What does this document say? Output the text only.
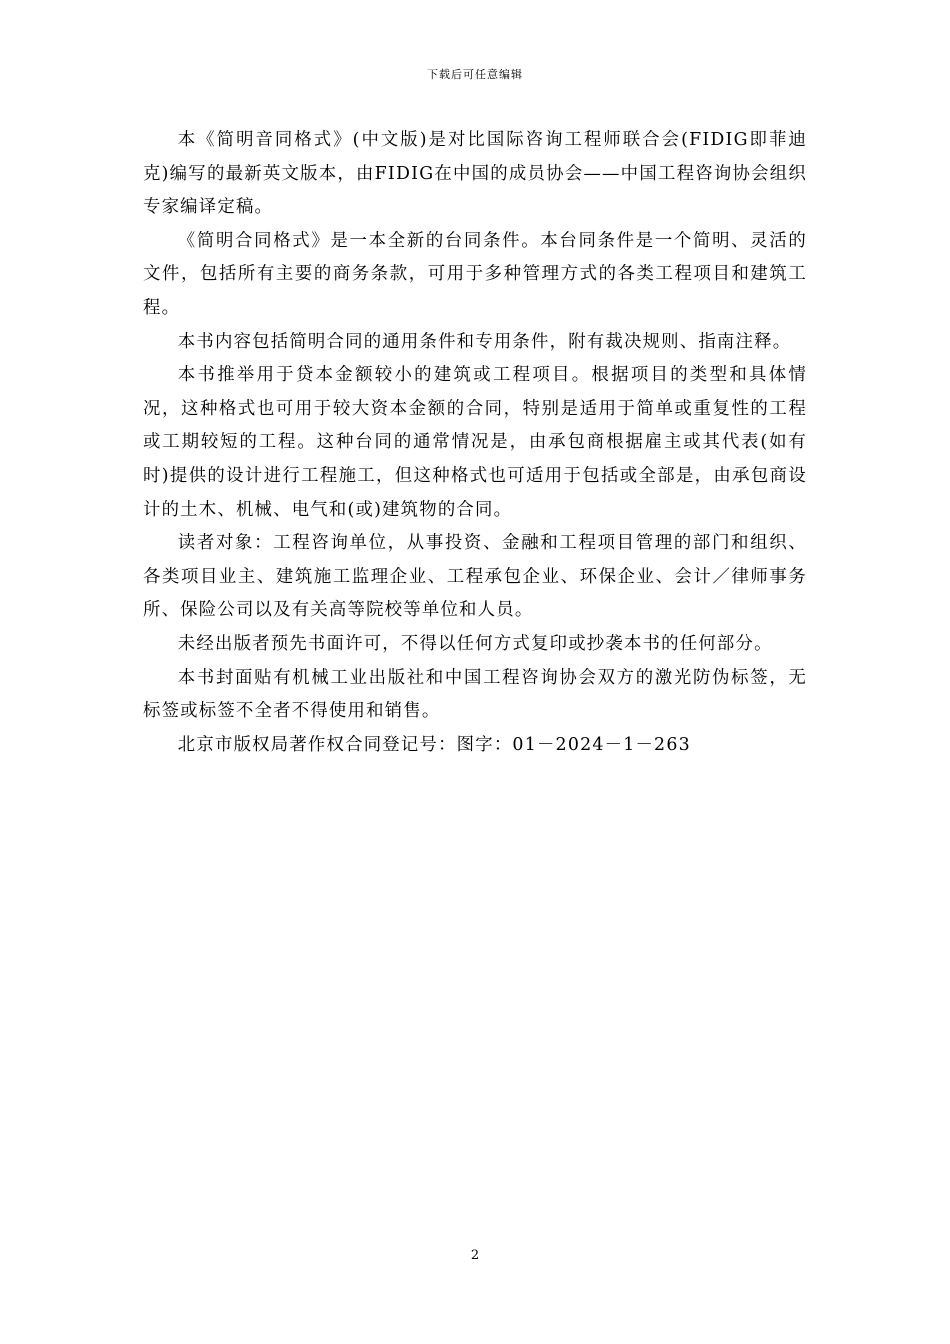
下载后可任意编辑

本《简明音同格式》(中文版)是对比国际咨询工程师联合会(FIDIG即菲迪克)编写的最新英文版本，由FIDIG在中国的成员协会——中国工程咨询协会组织专家编译定稿。

《简明合同格式》是一本全新的台同条件。本台同条件是一个简明、灵活的文件，包括所有主要的商务条款，可用于多种管理方式的各类工程项目和建筑工程。

本书内容包括简明合同的通用条件和专用条件，附有裁决规则、指南注释。

本书推举用于贷本金额较小的建筑或工程项目。根据项目的类型和具体情况，这种格式也可用于较大资本金额的合同，特别是适用于简单或重复性的工程或工期较短的工程。这种台同的通常情况是，由承包商根据雇主或其代表(如有时)提供的设计进行工程施工，但这种格式也可适用于包括或全部是，由承包商设计的土木、机械、电气和(或)建筑物的合同。

读者对象：工程咨询单位，从事投资、金融和工程项目管理的部门和组织、各类项目业主、建筑施工监理企业、工程承包企业、环保企业、会计／律师事务所、保险公司以及有关高等院校等单位和人员。

未经出版者预先书面许可，不得以任何方式复印或抄袭本书的任何部分。

本书封面贴有机械工业出版社和中国工程咨询协会双方的激光防伪标签，无标签或标签不全者不得使用和销售。

北京市版权局著作权合同登记号：图字：01－2024－1－263

2
